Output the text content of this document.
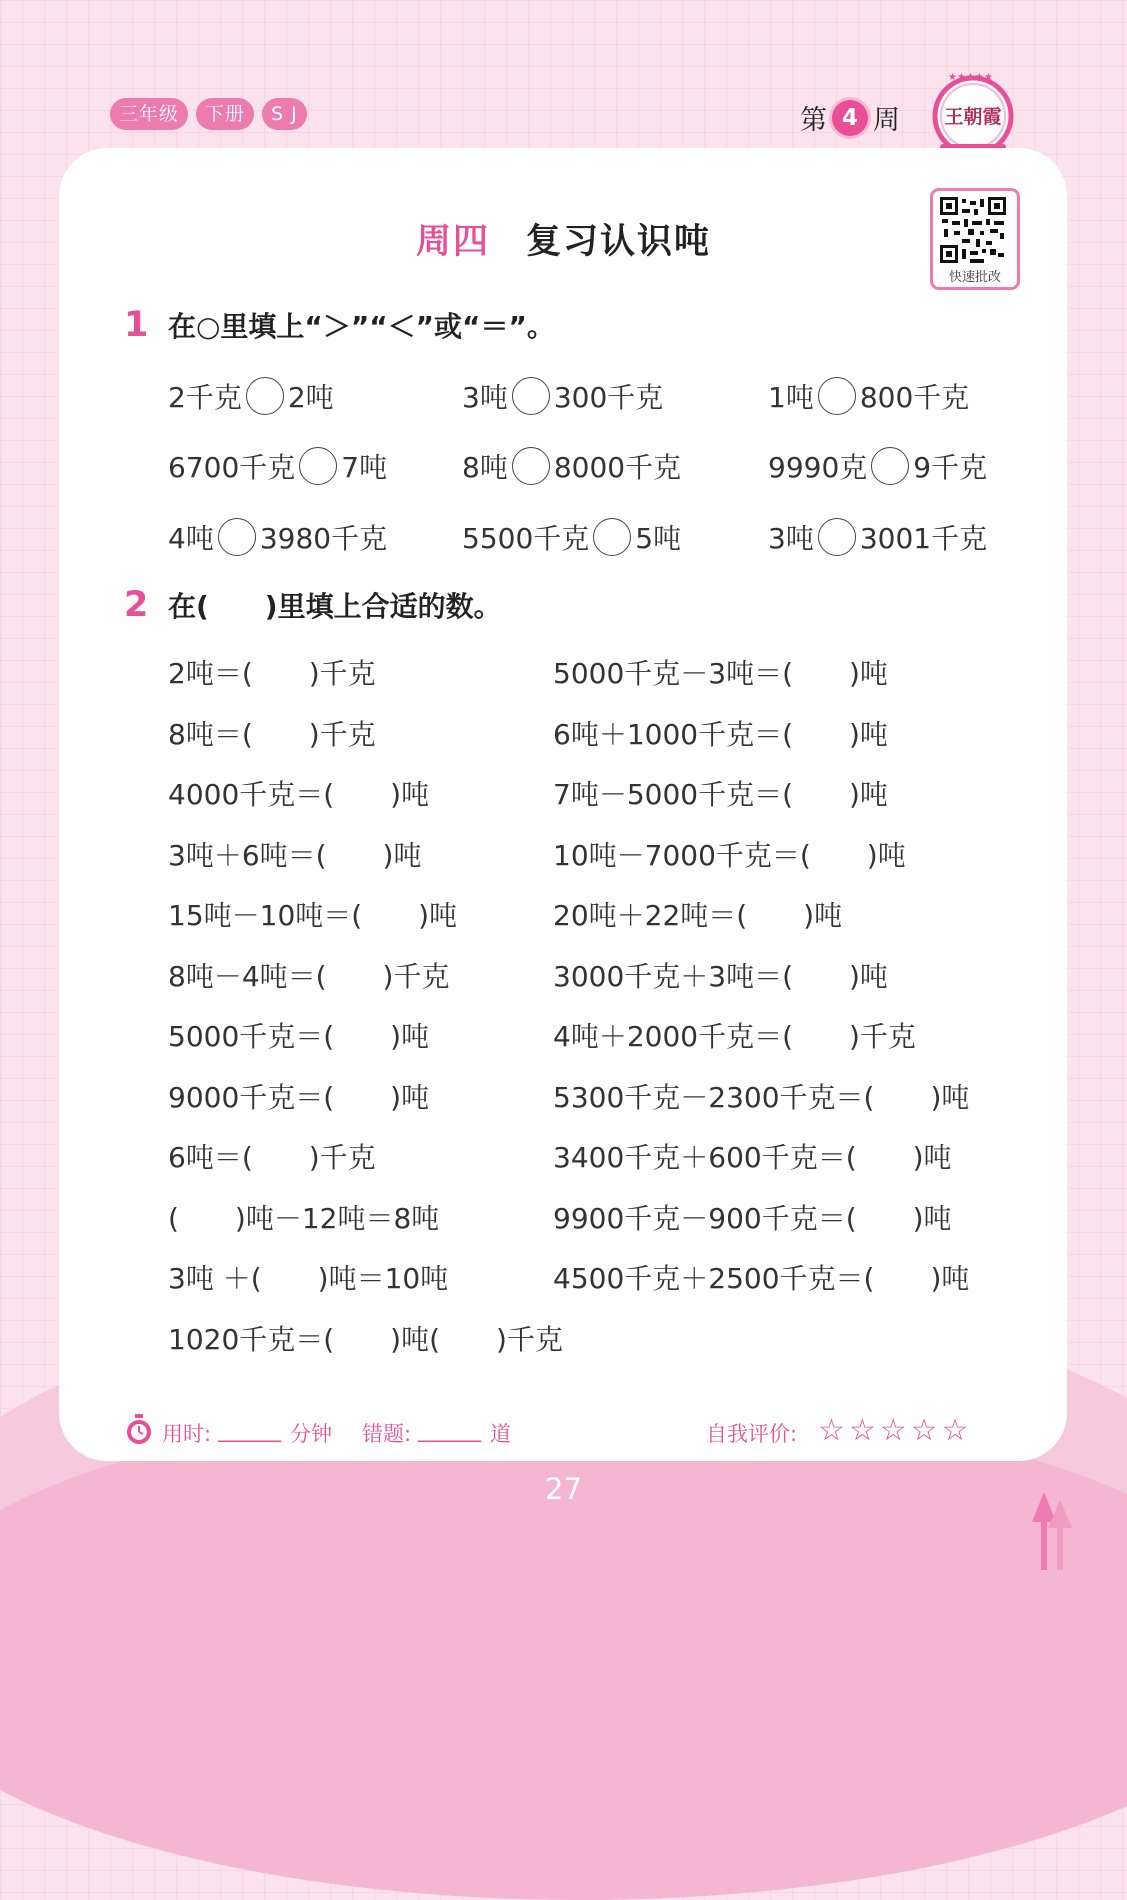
三年级	下册	S J	第 4 周
★★★★★
王朝霞
周四 复习认识吨
快速批改
1 在○里填上“＞”“＜”或“＝”。
2千克 2吨	3吨 300千克	1吨 800千克
6700千克 7吨	8吨 8000千克	9990克 9千克
4吨 3980千克	5500千克 5吨	3吨 3001千克
2 在(　　)里填上合适的数。
2吨＝(　　)千克
8吨＝(　　)千克
4000千克＝(　　)吨
3吨＋6吨＝(　　)吨
15吨－10吨＝(　　)吨
8吨－4吨＝(　　)千克
5000千克＝(　　)吨
9000千克＝(　　)吨
6吨＝(　　)千克
(　　)吨－12吨＝8吨
3吨 ＋(　　)吨＝10吨
1020千克＝(　　)吨(　　)千克
5000千克－3吨＝(　　)吨
6吨＋1000千克＝(　　)吨
7吨－5000千克＝(　　)吨
10吨－7000千克＝(　　)吨
20吨＋22吨＝(　　)吨
3000千克＋3吨＝(　　)吨
4吨＋2000千克＝(　　)千克
5300千克－2300千克＝(　　)吨
3400千克＋600千克＝(　　)吨
9900千克－900千克＝(　　)吨
4500千克＋2500千克＝(　　)吨
用时: ______ 分钟 错题: ______ 道	自我评价: ☆☆☆☆☆
27
